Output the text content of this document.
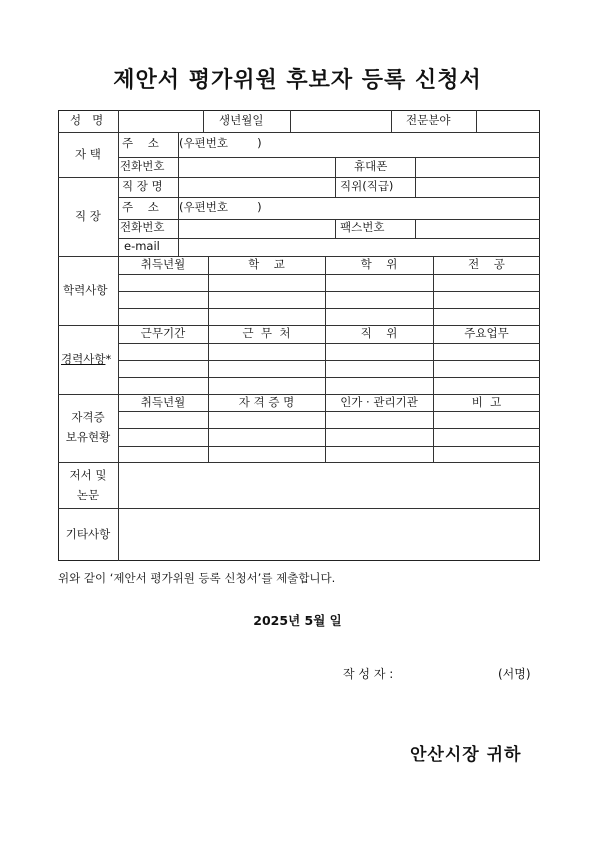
제안서 평가위원 후보자 등록 신청서
성   명	생년월일	전문분야
자 택
주    소 (우편번호        )
전화번호	휴대폰
직 장
직 장 명	직위(직급)
주    소 (우편번호        )
전화번호	팩스번호
e-mail
학력사항
취득년월	학    교	학    위	전    공
경력사항*
근무기간	근  무  처	직    위	주요업무
자격증
보유현황
취득년월	자 격 증 명	인가 · 관리기관	비  고
저서 및
논문
기타사항
위와 같이 ‘제안서 평가위원 등록 신청서’를 제출합니다.
2025년 5월 일
작 성 자 :	(서명)
안산시장 귀하
